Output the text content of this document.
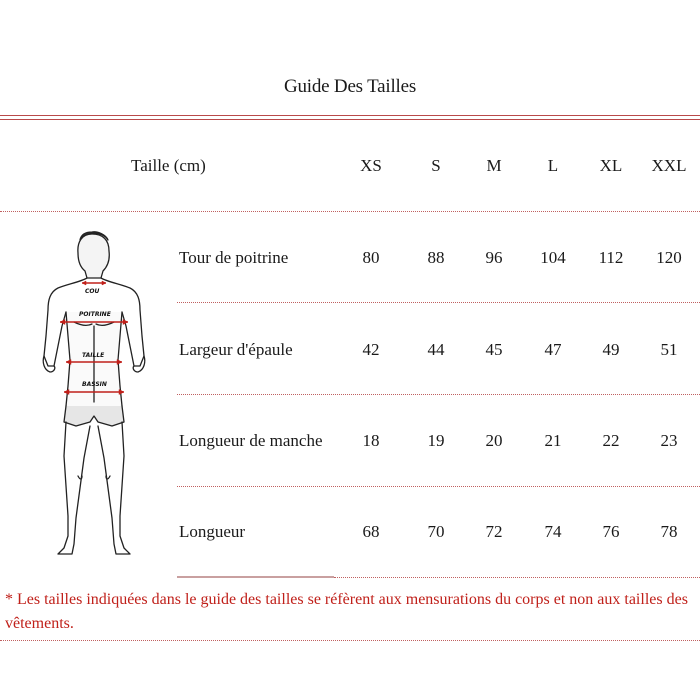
Guide Des Tailles
Taille (cm)	XS	S	M	L	XL	XXL
Tour de poitrine	80	88	96	104	112	120
Largeur d'épaule	42	44	45	47	49	51
Longueur de manche	18	19	20	21	22	23
Longueur	68	70	72	74	76	78
COU
POITRINE
TAILLE
BASSIN
* Les tailles indiquées dans le guide des tailles se réfèrent aux mensurations du corps et non aux tailles des vêtements.
